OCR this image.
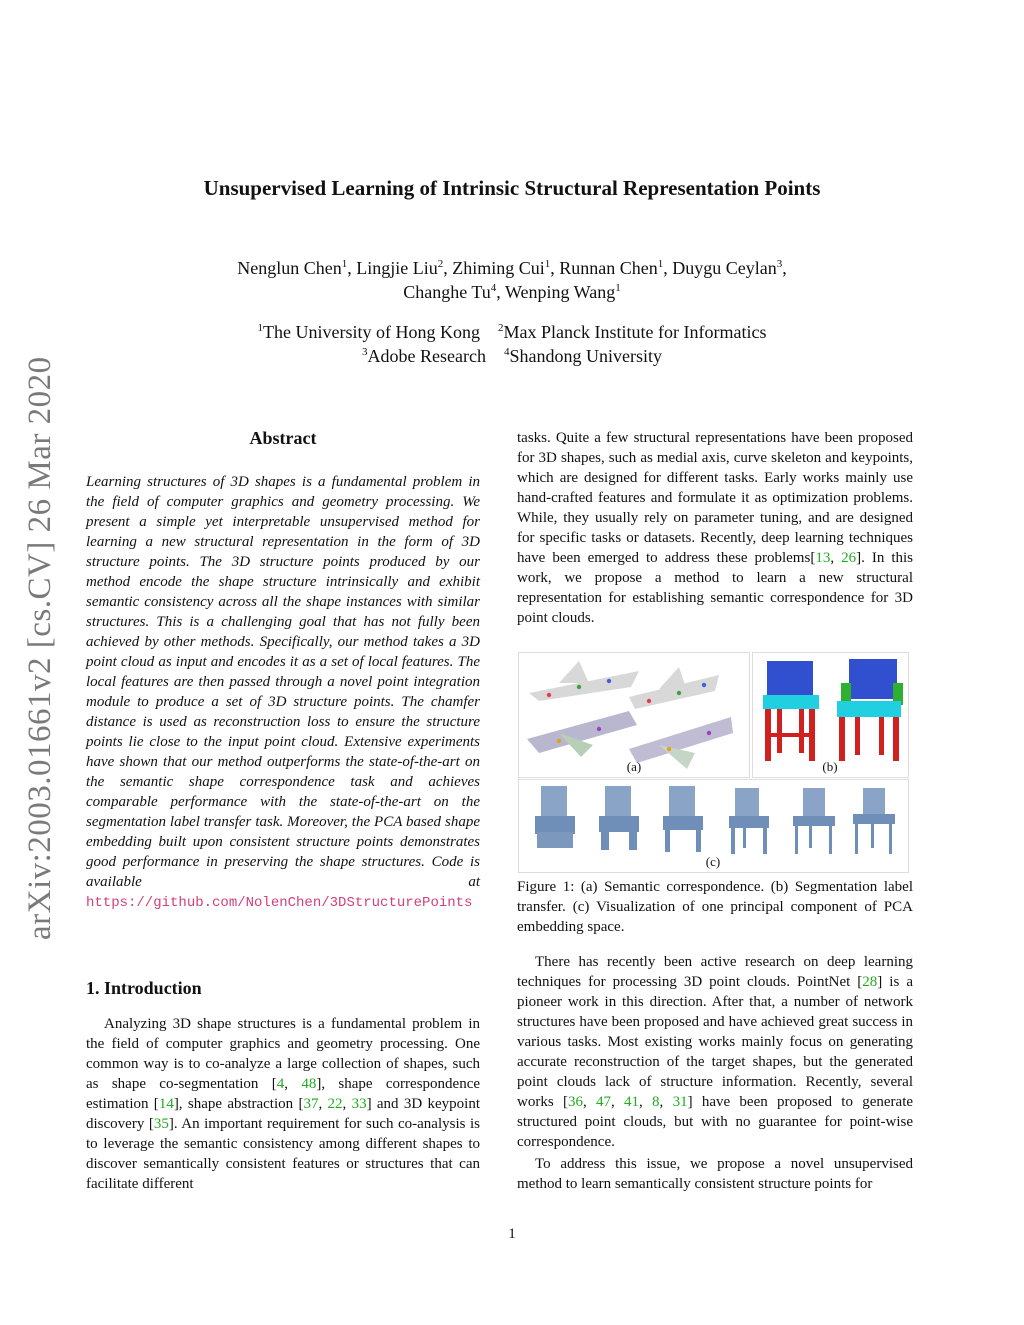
arXiv:2003.01661v2 [cs.CV] 26 Mar 2020
Unsupervised Learning of Intrinsic Structural Representation Points
Nenglun Chen$^1$, Lingjie Liu$^2$, Zhiming Cui$^1$, Runnan Chen$^1$, Duygu Ceylan$^3$,
Changhe Tu$^4$, Wenping Wang$^1$
$^1$The University of Hong Kong $^2$Max Planck Institute for Informatics
$^3$Adobe Research $^4$Shandong University
Abstract
Learning structures of 3D shapes is a fundamental problem in the field of computer graphics and geometry processing. We present a simple yet interpretable unsupervised method for learning a new structural representation in the form of 3D structure points. The 3D structure points produced by our method encode the shape structure intrinsically and exhibit semantic consistency across all the shape instances with similar structures. This is a challenging goal that has not fully been achieved by other methods. Specifically, our method takes a 3D point cloud as input and encodes it as a set of local features. The local features are then passed through a novel point integration module to produce a set of 3D structure points. The chamfer distance is used as reconstruction loss to ensure the structure points lie close to the input point cloud. Extensive experiments have shown that our method outperforms the state-of-the-art on the semantic shape correspondence task and achieves comparable performance with the state-of-the-art on the segmentation label transfer task. Moreover, the PCA based shape embedding built upon consistent structure points demonstrates good performance in preserving the shape structures. Code is available at https://github.com/NolenChen/3DStructurePoints
1. Introduction
Analyzing 3D shape structures is a fundamental problem in the field of computer graphics and geometry processing. One common way is to co-analyze a large collection of shapes, such as shape co-segmentation [4, 48], shape correspondence estimation [14], shape abstraction [37, 22, 33] and 3D keypoint discovery [35]. An important requirement for such co-analysis is to leverage the semantic consistency among different shapes to discover semantically consistent features or structures that can facilitate different
tasks. Quite a few structural representations have been proposed for 3D shapes, such as medial axis, curve skeleton and keypoints, which are designed for different tasks. Early works mainly use hand-crafted features and formulate it as optimization problems. While, they usually rely on parameter tuning, and are designed for specific tasks or datasets. Recently, deep learning techniques have been emerged to address these problems[13, 26]. In this work, we propose a method to learn a new structural representation for establishing semantic correspondence for 3D point clouds.
(a)	(b)
(c)
Figure 1: (a) Semantic correspondence. (b) Segmentation label transfer. (c) Visualization of one principal component of PCA embedding space.
There has recently been active research on deep learning techniques for processing 3D point clouds. PointNet [28] is a pioneer work in this direction. After that, a number of network structures have been proposed and have achieved great success in various tasks. Most existing works mainly focus on generating accurate reconstruction of the target shapes, but the generated point clouds lack of structure information. Recently, several works [36, 47, 41, 8, 31] have been proposed to generate structured point clouds, but with no guarantee for point-wise correspondence.
To address this issue, we propose a novel unsupervised method to learn semantically consistent structure points for
1
